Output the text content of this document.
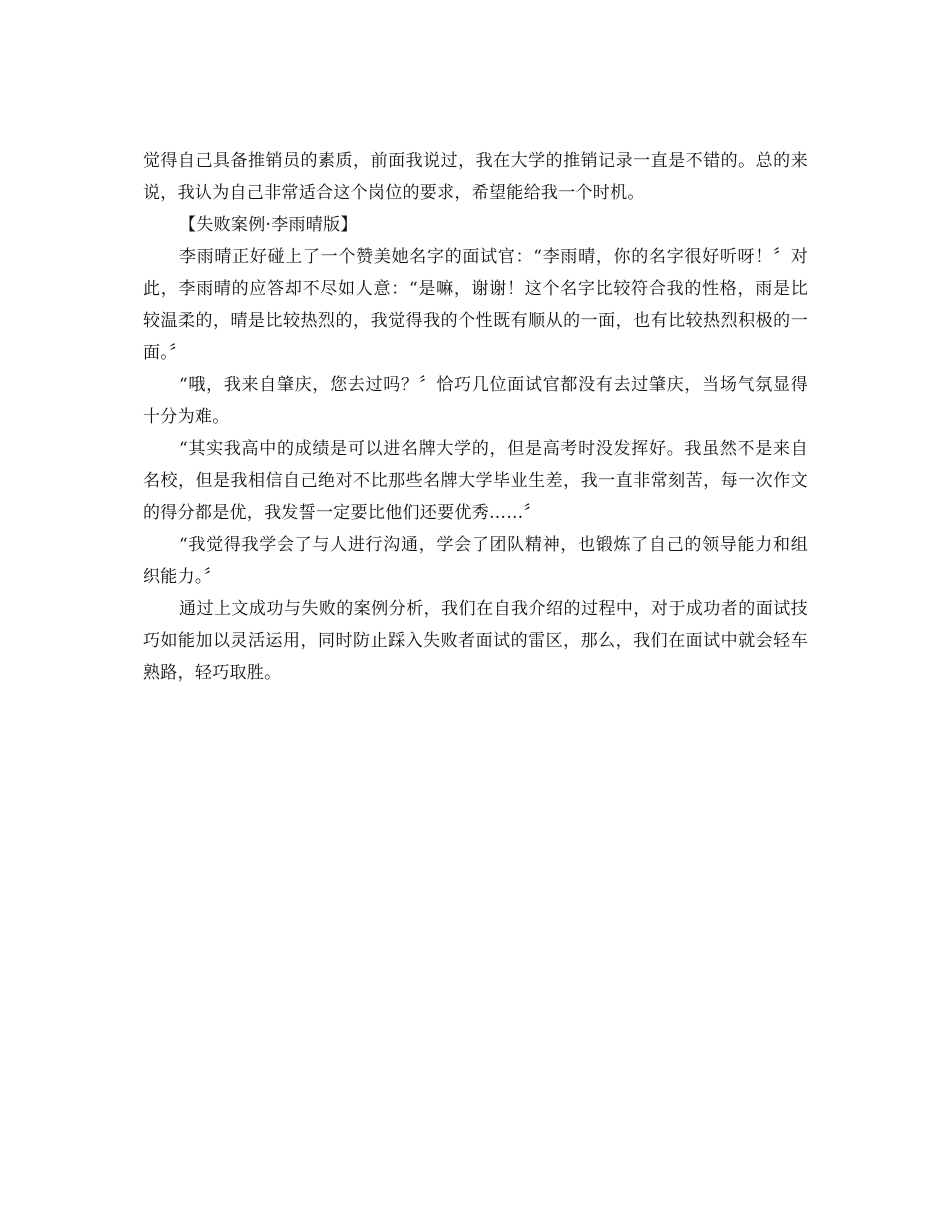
觉得自己具备推销员的素质，前面我说过，我在大学的推销记录一直是不错的。总的来说，我认为自己非常适合这个岗位的要求，希望能给我一个时机。

【失败案例·李雨晴版】

李雨晴正好碰上了一个赞美她名字的面试官：“李雨晴，你的名字很好听呀！〞对此，李雨晴的应答却不尽如人意：“是嘛，谢谢！这个名字比较符合我的性格，雨是比较温柔的，晴是比较热烈的，我觉得我的个性既有顺从的一面，也有比较热烈积极的一面。〞

“哦，我来自肇庆，您去过吗？〞恰巧几位面试官都没有去过肇庆，当场气氛显得十分为难。

“其实我高中的成绩是可以进名牌大学的，但是高考时没发挥好。我虽然不是来自名校，但是我相信自己绝对不比那些名牌大学毕业生差，我一直非常刻苦，每一次作文的得分都是优，我发誓一定要比他们还要优秀……〞

“我觉得我学会了与人进行沟通，学会了团队精神，也锻炼了自己的领导能力和组织能力。〞

通过上文成功与失败的案例分析，我们在自我介绍的过程中，对于成功者的面试技巧如能加以灵活运用，同时防止踩入失败者面试的雷区，那么，我们在面试中就会轻车熟路，轻巧取胜。
